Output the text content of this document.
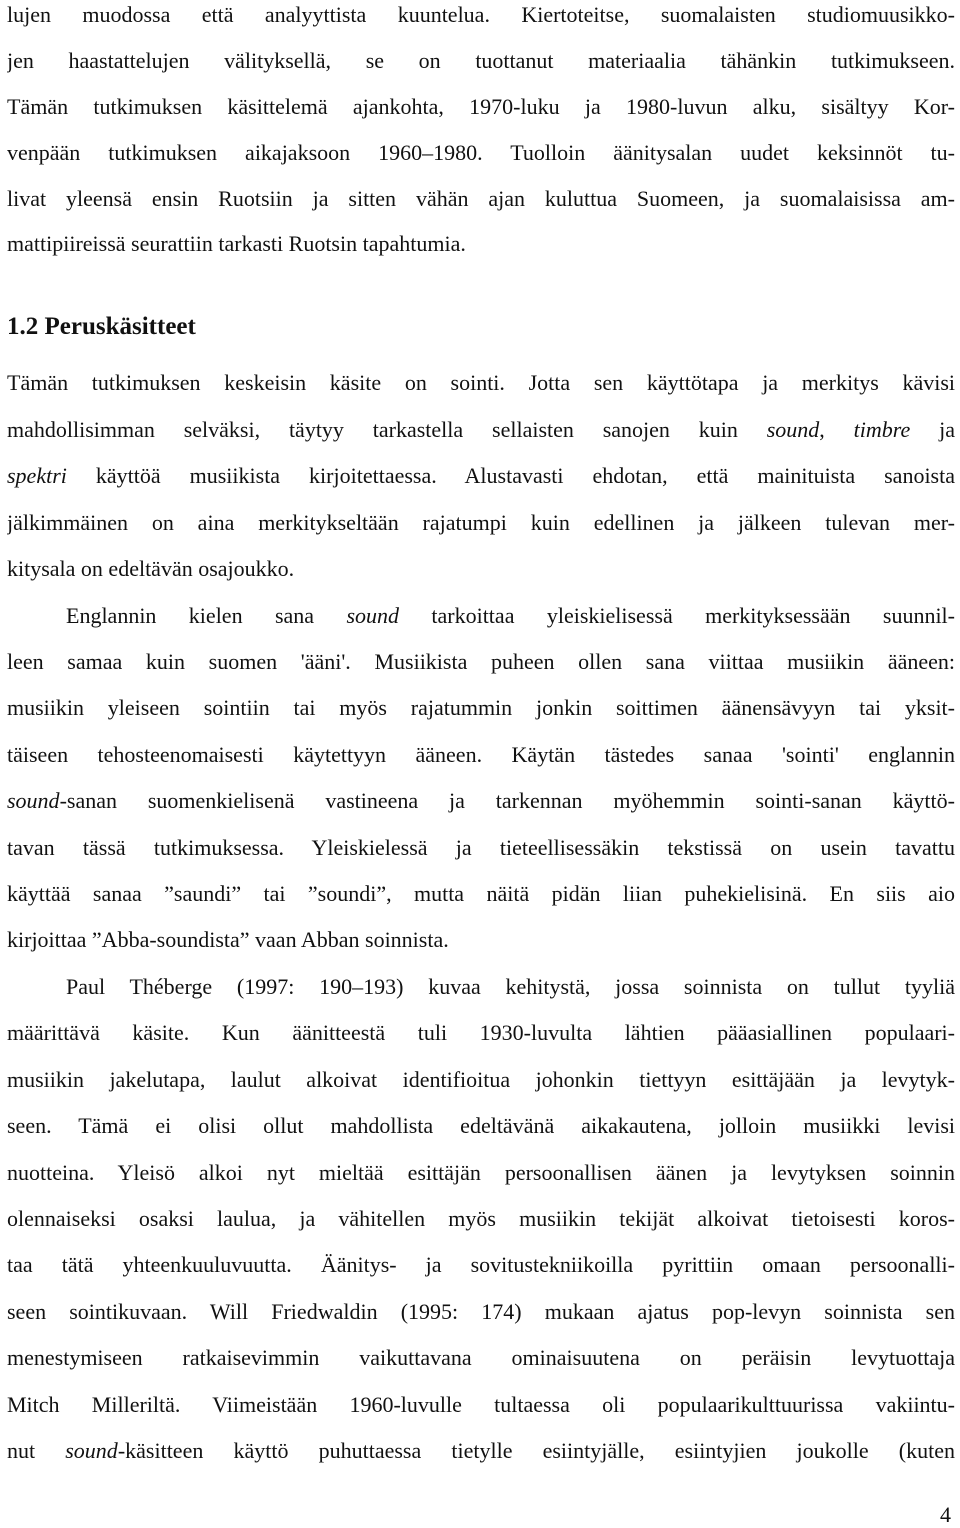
lujen muodossa että analyyttista kuuntelua. Kiertoteitse, suomalaisten studiomuusikko-
jen haastattelujen välityksellä, se on tuottanut materiaalia tähänkin tutkimukseen.
Tämän tutkimuksen käsittelemä ajankohta, 1970-luku ja 1980-luvun alku, sisältyy Kor-
venpään tutkimuksen aikajaksoon 1960–1980. Tuolloin äänitysalan uudet keksinnöt tu-
livat yleensä ensin Ruotsiin ja sitten vähän ajan kuluttua Suomeen, ja suomalaisissa am-
mattipiireissä seurattiin tarkasti Ruotsin tapahtumia.
1.2 Peruskäsitteet
Tämän tutkimuksen keskeisin käsite on sointi. Jotta sen käyttötapa ja merkitys kävisi
mahdollisimman selväksi, täytyy tarkastella sellaisten sanojen kuin sound, timbre ja
spektri käyttöä musiikista kirjoitettaessa. Alustavasti ehdotan, että mainituista sanoista
jälkimmäinen on aina merkitykseltään rajatumpi kuin edellinen ja jälkeen tulevan mer-
kitysala on edeltävän osajoukko.
Englannin kielen sana sound tarkoittaa yleiskielisessä merkityksessään suunnil-
leen samaa kuin suomen 'ääni'. Musiikista puheen ollen sana viittaa musiikin ääneen:
musiikin yleiseen sointiin tai myös rajatummin jonkin soittimen äänensävyyn tai yksit-
täiseen tehosteenomaisesti käytettyyn ääneen. Käytän tästedes sanaa 'sointi' englannin
sound-sanan suomenkielisenä vastineena ja tarkennan myöhemmin sointi-sanan käyttö-
tavan tässä tutkimuksessa. Yleiskielessä ja tieteellisessäkin tekstissä on usein tavattu
käyttää sanaa ”saundi” tai ”soundi”, mutta näitä pidän liian puhekielisinä. En siis aio
kirjoittaa ”Abba-soundista” vaan Abban soinnista.
Paul Théberge (1997: 190–193) kuvaa kehitystä, jossa soinnista on tullut tyyliä
määrittävä käsite. Kun äänitteestä tuli 1930-luvulta lähtien pääasiallinen populaari-
musiikin jakelutapa, laulut alkoivat identifioitua johonkin tiettyyn esittäjään ja levytyk-
seen. Tämä ei olisi ollut mahdollista edeltävänä aikakautena, jolloin musiikki levisi
nuotteina. Yleisö alkoi nyt mieltää esittäjän persoonallisen äänen ja levytyksen soinnin
olennaiseksi osaksi laulua, ja vähitellen myös musiikin tekijät alkoivat tietoisesti koros-
taa tätä yhteenkuuluvuutta. Äänitys- ja sovitustekniikoilla pyrittiin omaan persoonalli-
seen sointikuvaan. Will Friedwaldin (1995: 174) mukaan ajatus pop-levyn soinnista sen
menestymiseen ratkaisevimmin vaikuttavana ominaisuutena on peräisin levytuottaja
Mitch Milleriltä. Viimeistään 1960-luvulle tultaessa oli populaarikulttuurissa vakiintu-
nut sound-käsitteen käyttö puhuttaessa tietylle esiintyjälle, esiintyjien joukolle (kuten
4
